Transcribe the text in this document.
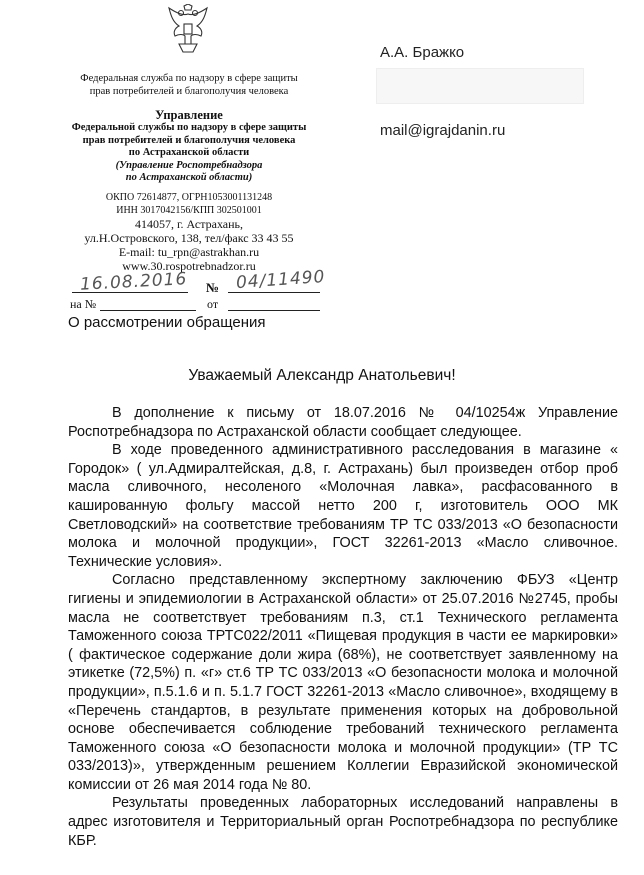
Федеральная служба по надзору в сфере защиты
прав потребителей и благополучия человека
Управление
Федеральной службы по надзору в сфере защиты
прав потребителей и благополучия человека
по Астраханской области
(Управление Роспотребнадзора
по Астраханской области)
ОКПО 72614877, ОГРН1053001131248
ИНН 3017042156/КПП 302501001
414057, г. Астрахань,
ул.Н.Островского, 138, тел/факс 33 43 55
E-mail: tu_rpn@astrakhan.ru
www.30.rospotrebnadzor.ru
А.А. Бражко
mail@igrajdanin.ru
16.08.2016 № 04/11490
на №	от
О рассмотрении обращения
Уважаемый Александр Анатольевич!

В дополнение к письму от 18.07.2016 № 04/10254ж Управление Роспотребнадзора по Астраханской области сообщает следующее.

В ходе проведенного административного расследования в магазине « Городок» ( ул.Адмиралтейская, д.8, г. Астрахань) был произведен отбор проб масла сливочного, несоленого «Молочная лавка», расфасованного в кашированную фольгу массой нетто 200 г, изготовитель ООО МК Светловодский» на соответствие требованиям ТР ТС 033/2013 «О безопасности молока и молочной продукции», ГОСТ 32261-2013 «Масло сливочное. Технические условия».

Согласно представленному экспертному заключению ФБУЗ «Центр гигиены и эпидемиологии в Астраханской области» от 25.07.2016 №2745, пробы масла не соответствует требованиям п.3, ст.1 Технического регламента Таможенного союза ТРТС022/2011 «Пищевая продукция в части ее маркировки» ( фактическое содержание доли жира (68%), не соответствует заявленному на этикетке (72,5%) п. «г» ст.6 ТР ТС 033/2013 «О безопасности молока и молочной продукции», п.5.1.6 и п. 5.1.7 ГОСТ 32261-2013 «Масло сливочное», входящему в «Перечень стандартов, в результате применения которых на добровольной основе обеспечивается соблюдение требований технического регламента Таможенного союза «О безопасности молока и молочной продукции» (ТР ТС 033/2013)», утвержденным решением Коллегии Евразийской экономической комиссии от 26 мая 2014 года № 80.

Результаты проведенных лабораторных исследований направлены в адрес изготовителя и Территориальный орган Роспотребнадзора по республике КБР.
